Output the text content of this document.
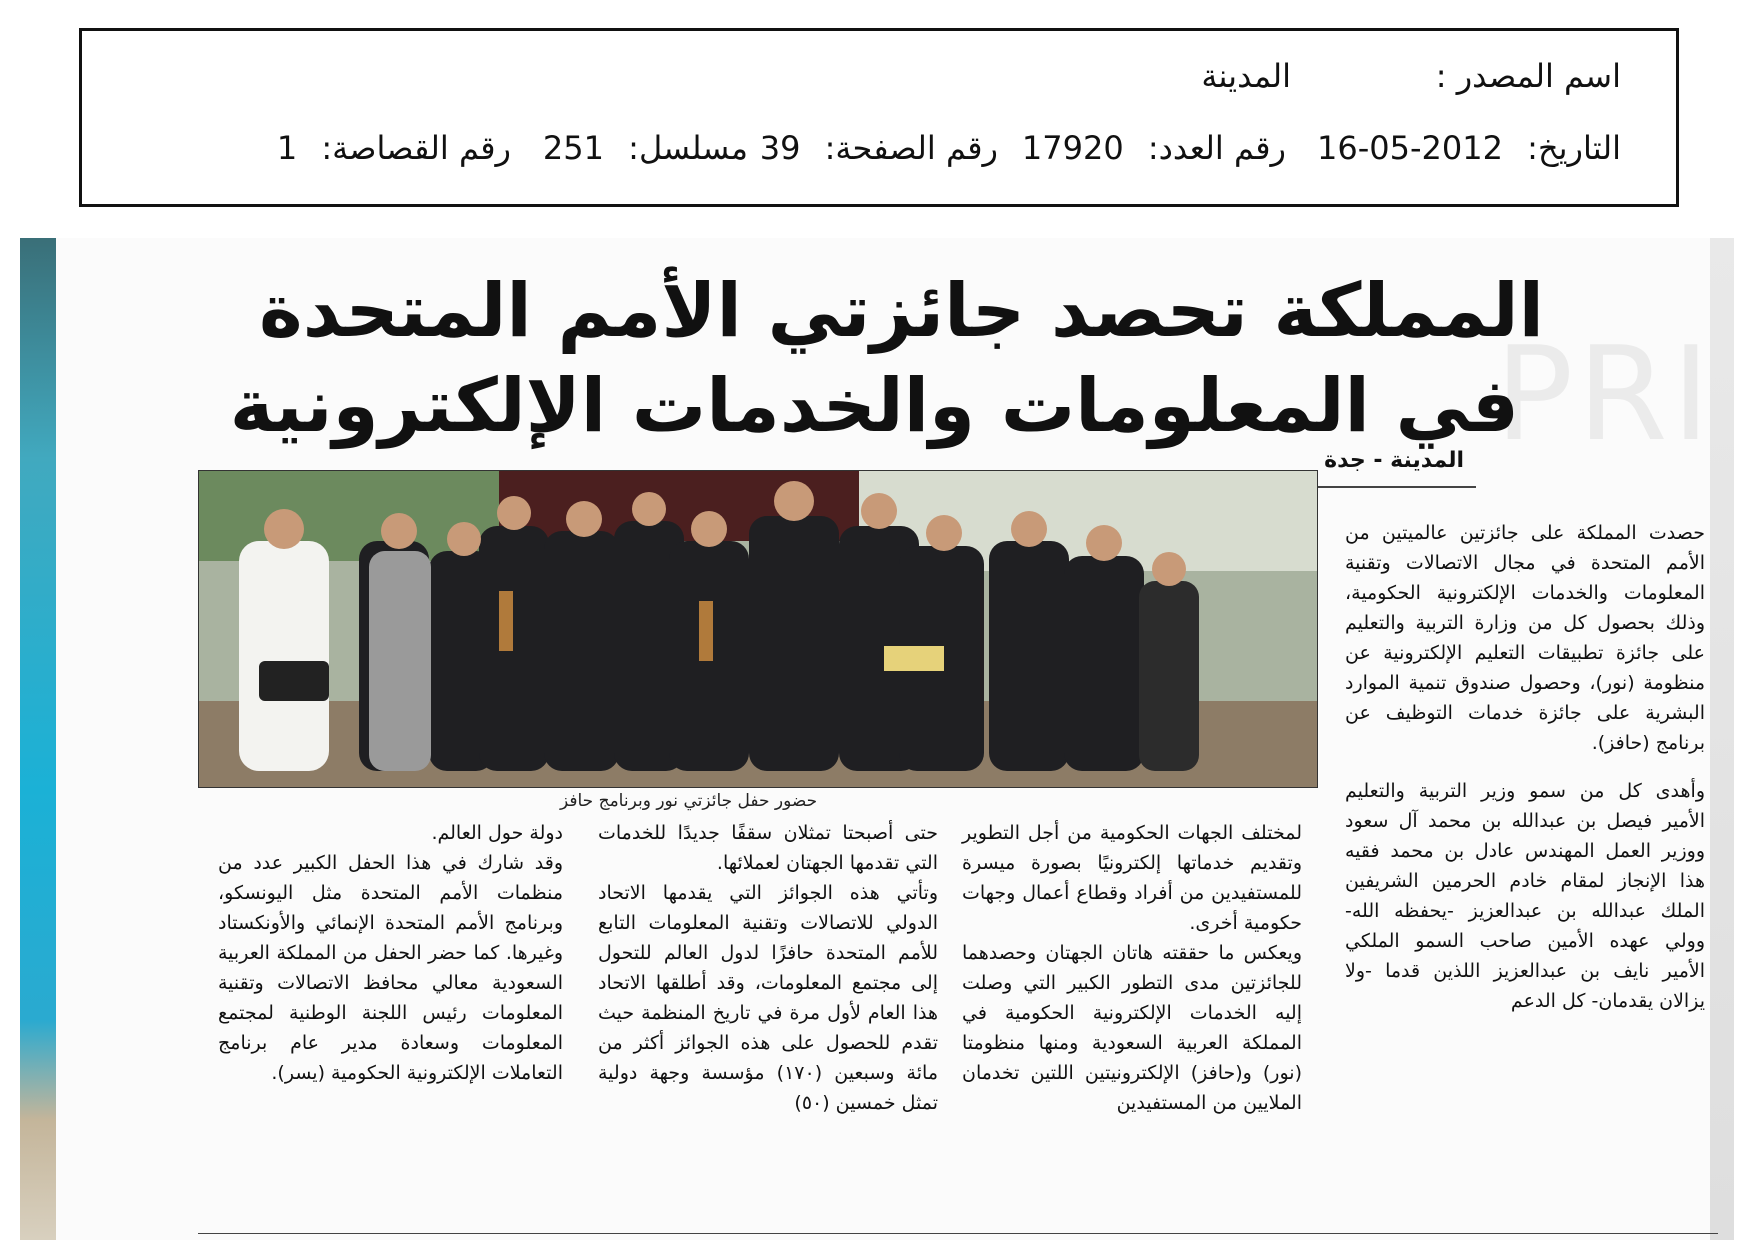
اسم المصدر :
المدينة
التاريخ: 2012-05-16
رقم العدد: 17920
رقم الصفحة: 39
مسلسل: 251
رقم القصاصة: 1
PRI
المملكة تحصد جائزتي الأمم المتحدة
في المعلومات والخدمات الإلكترونية
المدينة - جدة
حضور حفل جائزتي نور وبرنامج حافز

حصدت المملكة على جائزتين عالميتين من الأمم المتحدة في مجال الاتصالات وتقنية المعلومات والخدمات الإلكترونية الحكومية، وذلك بحصول كل من وزارة التربية والتعليم على جائزة تطبيقات التعليم الإلكترونية عن منظومة (نور)، وحصول صندوق تنمية الموارد البشرية على جائزة خدمات التوظيف عن برنامج (حافز).

وأهدى كل من سمو وزير التربية والتعليم الأمير فيصل بن عبدالله بن محمد آل سعود ووزير العمل المهندس عادل بن محمد فقيه هذا الإنجاز لمقام خادم الحرمين الشريفين الملك عبدالله بن عبدالعزيز -يحفظه الله- وولي عهده الأمين صاحب السمو الملكي الأمير نايف بن عبدالعزيز اللذين قدما -ولا يزالان يقدمان- كل الدعم

لمختلف الجهات الحكومية من أجل التطوير وتقديم خدماتها إلكترونيًا بصورة ميسرة للمستفيدين من أفراد وقطاع أعمال وجهات حكومية أخرى.

ويعكس ما حققته هاتان الجهتان وحصدهما للجائزتين مدى التطور الكبير التي وصلت إليه الخدمات الإلكترونية الحكومية في المملكة العربية السعودية ومنها منظومتا (نور) و(حافز) الإلكترونيتين اللتين تخدمان الملايين من المستفيدين

حتى أصبحتا تمثلان سقفًا جديدًا للخدمات التي تقدمها الجهتان لعملائها.

وتأتي هذه الجوائز التي يقدمها الاتحاد الدولي للاتصالات وتقنية المعلومات التابع للأمم المتحدة حافزًا لدول العالم للتحول إلى مجتمع المعلومات، وقد أطلقها الاتحاد هذا العام لأول مرة في تاريخ المنظمة حيث تقدم للحصول على هذه الجوائز أكثر من مائة وسبعين (١٧٠) مؤسسة وجهة دولية تمثل خمسين (٥٠)

دولة حول العالم.

وقد شارك في هذا الحفل الكبير عدد من منظمات الأمم المتحدة مثل اليونسكو، وبرنامج الأمم المتحدة الإنمائي والأونكستاد وغيرها. كما حضر الحفل من المملكة العربية السعودية معالي محافظ الاتصالات وتقنية المعلومات رئيس اللجنة الوطنية لمجتمع المعلومات وسعادة مدير عام برنامج التعاملات الإلكترونية الحكومية (يسر).
